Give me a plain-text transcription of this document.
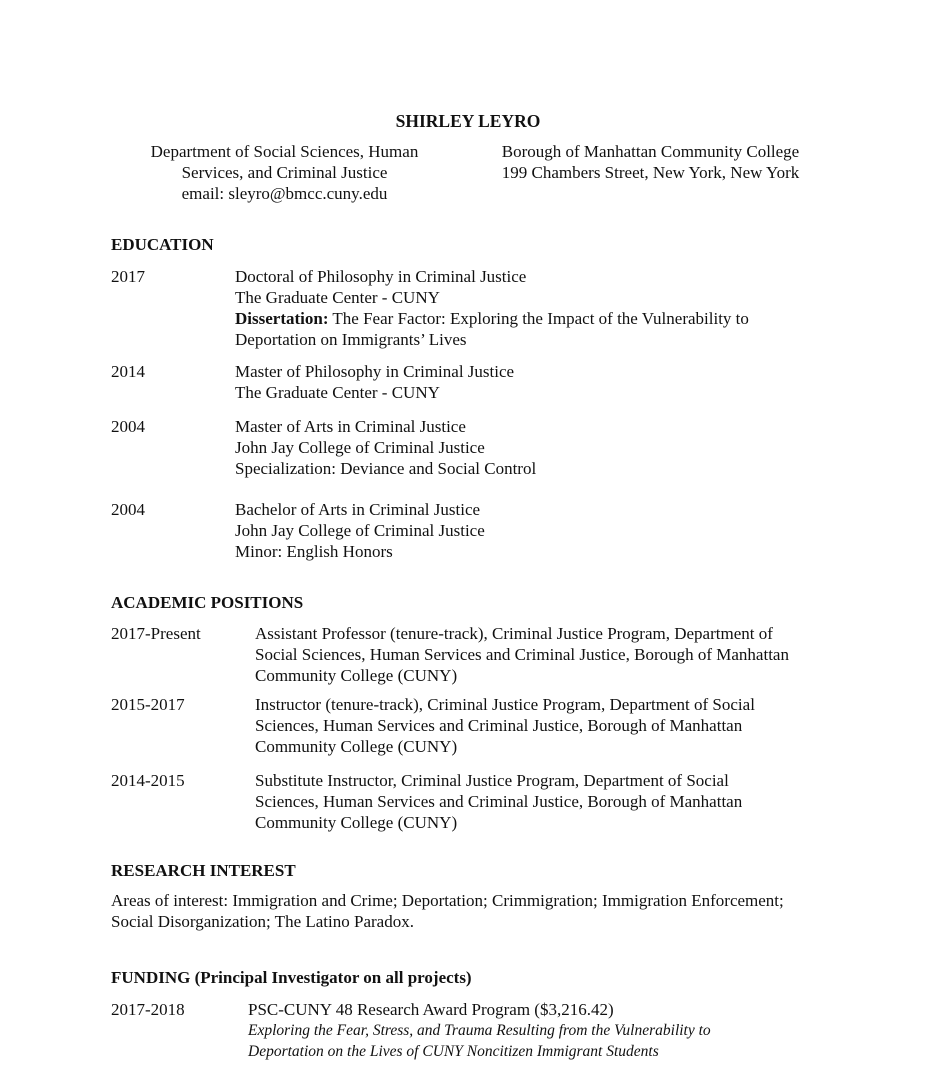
SHIRLEY LEYRO
Department of Social Sciences, Human
Services, and Criminal Justice
email: sleyro@bmcc.cuny.edu
Borough of Manhattan Community College
199 Chambers Street, New York, New York
EDUCATION
2017	Doctoral of Philosophy in Criminal Justice
The Graduate Center - CUNY
Dissertation: The Fear Factor: Exploring the Impact of the Vulnerability to
Deportation on Immigrants’ Lives
2014	Master of Philosophy in Criminal Justice
The Graduate Center - CUNY
2004	Master of Arts in Criminal Justice
John Jay College of Criminal Justice
Specialization: Deviance and Social Control
2004	Bachelor of Arts in Criminal Justice
John Jay College of Criminal Justice
Minor: English Honors
ACADEMIC POSITIONS
2017-Present	Assistant Professor (tenure-track), Criminal Justice Program, Department of
Social Sciences, Human Services and Criminal Justice, Borough of Manhattan
Community College (CUNY)
2015-2017	Instructor (tenure-track), Criminal Justice Program, Department of Social
Sciences, Human Services and Criminal Justice, Borough of Manhattan
Community College (CUNY)
2014-2015	Substitute Instructor, Criminal Justice Program, Department of Social
Sciences, Human Services and Criminal Justice, Borough of Manhattan
Community College (CUNY)
RESEARCH INTEREST
Areas of interest: Immigration and Crime; Deportation; Crimmigration; Immigration Enforcement;
Social Disorganization; The Latino Paradox.
FUNDING (Principal Investigator on all projects)
2017-2018	PSC-CUNY 48 Research Award Program ($3,216.42)
Exploring the Fear, Stress, and Trauma Resulting from the Vulnerability to
Deportation on the Lives of CUNY Noncitizen Immigrant Students
